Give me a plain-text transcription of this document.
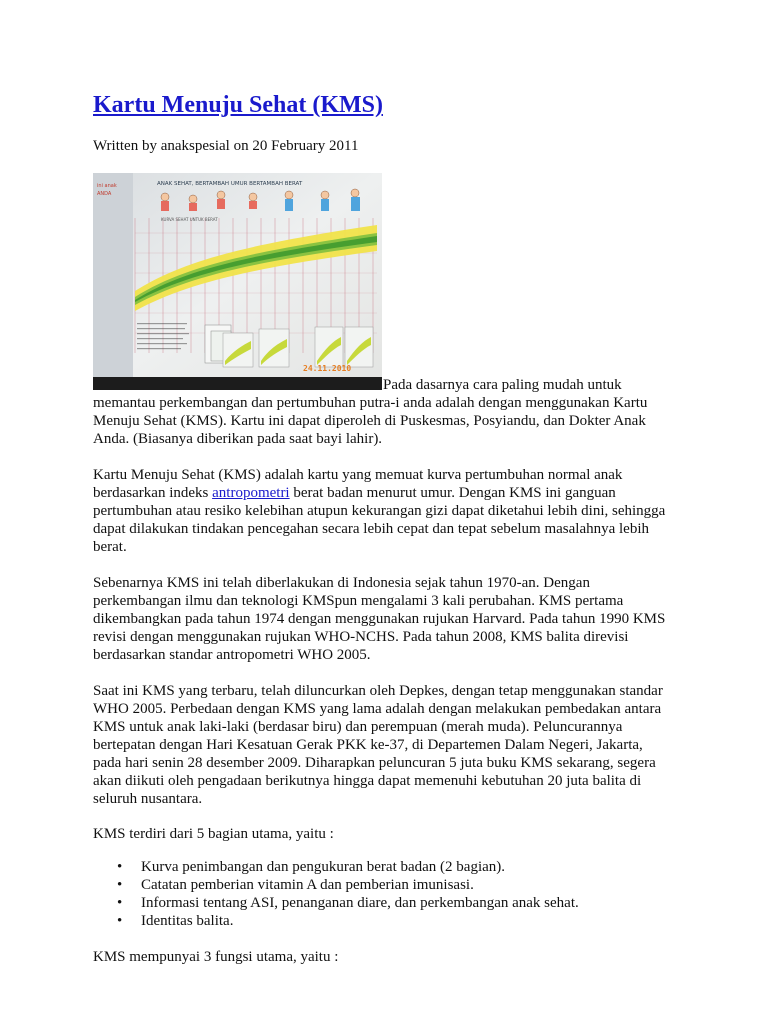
Kartu Menuju Sehat (KMS)

Written by anakspesial on 20 February 2011

ini anak
ANDA
ANAK SEHAT, BERTAMBAH UMUR BERTAMBAH BERAT
KURVA SEHAT UNTUK BERAT
24.11.2010

Pada dasarnya cara paling mudah untuk
memantau perkembangan dan pertumbuhan putra-i anda adalah dengan menggunakan Kartu Menuju Sehat (KMS). Kartu ini dapat diperoleh di Puskesmas, Posyiandu, dan Dokter Anak Anda. (Biasanya diberikan pada saat bayi lahir).

Kartu Menuju Sehat (KMS) adalah kartu yang memuat kurva pertumbuhan normal anak berdasarkan indeks antropometri berat badan menurut umur. Dengan KMS ini ganguan pertumbuhan atau resiko kelebihan atupun kekurangan gizi dapat diketahui lebih dini, sehingga dapat dilakukan tindakan pencegahan secara lebih cepat dan tepat sebelum masalahnya lebih berat.

Sebenarnya KMS ini telah diberlakukan di Indonesia sejak tahun 1970-an. Dengan perkembangan ilmu dan teknologi KMSpun mengalami 3 kali perubahan. KMS pertama dikembangkan pada tahun 1974 dengan menggunakan rujukan Harvard. Pada tahun 1990 KMS revisi dengan menggunakan rujukan WHO-NCHS. Pada tahun 2008, KMS balita direvisi berdasarkan standar antropometri WHO 2005.

Saat ini KMS yang terbaru, telah diluncurkan oleh Depkes, dengan tetap menggunakan standar WHO 2005. Perbedaan dengan KMS yang lama adalah dengan melakukan pembedakan antara KMS untuk anak laki-laki (berdasar biru) dan perempuan (merah muda). Peluncurannya bertepatan dengan Hari Kesatuan Gerak PKK ke-37, di Departemen Dalam Negeri, Jakarta, pada hari senin 28 desember 2009. Diharapkan peluncuran 5 juta buku KMS sekarang, segera akan diikuti oleh pengadaan berikutnya hingga dapat memenuhi kebutuhan 20 juta balita di seluruh nusantara.

KMS terdiri dari 5 bagian utama, yaitu :

• Kurva penimbangan dan pengukuran berat badan (2 bagian).
• Catatan pemberian vitamin A dan pemberian imunisasi.
• Informasi tentang ASI, penanganan diare, dan perkembangan anak sehat.
• Identitas balita.

KMS mempunyai 3 fungsi utama, yaitu :
